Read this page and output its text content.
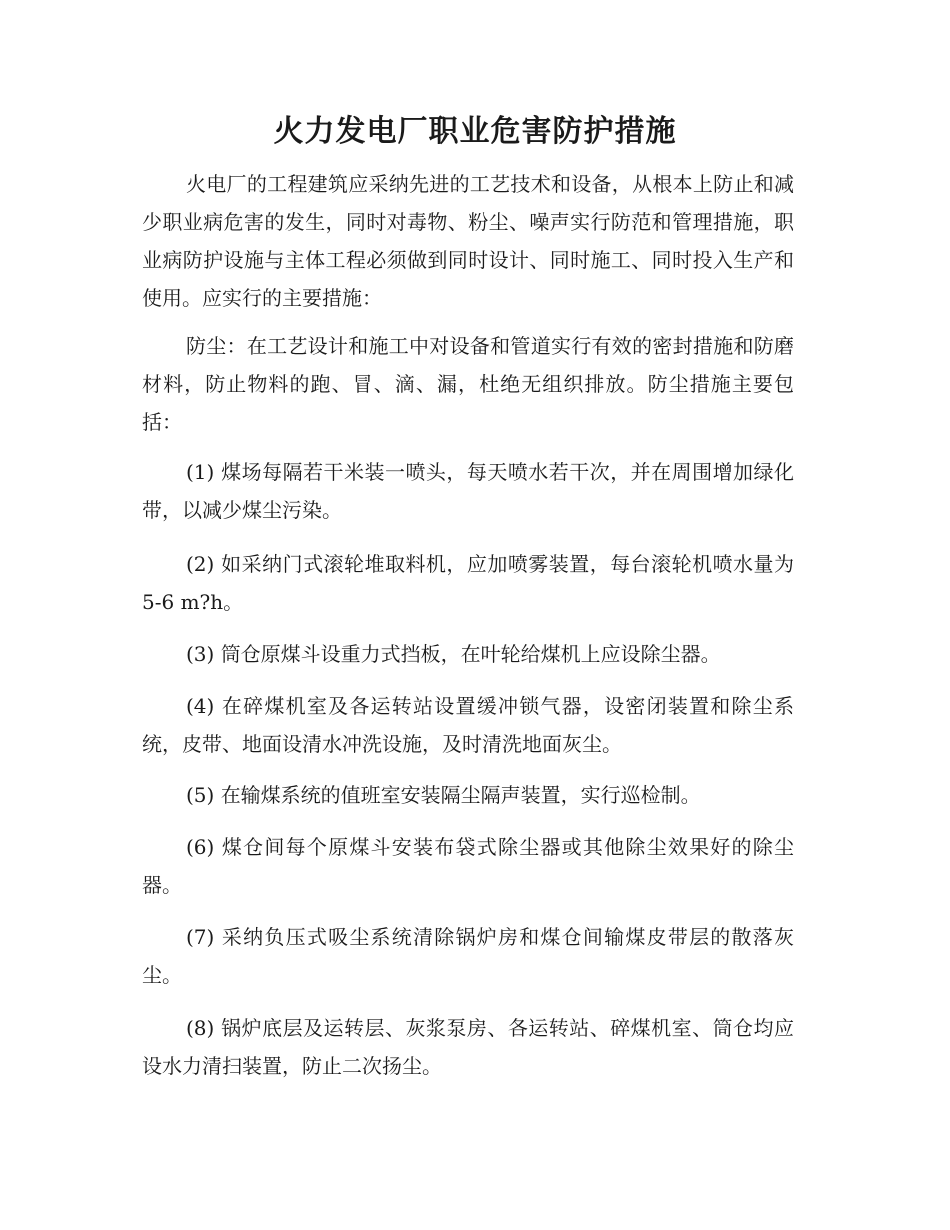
火力发电厂职业危害防护措施

火电厂的工程建筑应采纳先进的工艺技术和设备，从根本上防止和减少职业病危害的发生，同时对毒物、粉尘、噪声实行防范和管理措施，职业病防护设施与主体工程必须做到同时设计、同时施工、同时投入生产和使用。应实行的主要措施：

防尘：在工艺设计和施工中对设备和管道实行有效的密封措施和防磨材料，防止物料的跑、冒、滴、漏，杜绝无组织排放。防尘措施主要包括：

(1) 煤场每隔若干米装一喷头，每天喷水若干次，并在周围增加绿化带，以减少煤尘污染。

(2) 如采纳门式滚轮堆取料机，应加喷雾装置，每台滚轮机喷水量为5-6 m?h。

(3) 筒仓原煤斗设重力式挡板，在叶轮给煤机上应设除尘器。

(4) 在碎煤机室及各运转站设置缓冲锁气器，设密闭装置和除尘系统，皮带、地面设清水冲洗设施，及时清洗地面灰尘。

(5) 在输煤系统的值班室安装隔尘隔声装置，实行巡检制。

(6) 煤仓间每个原煤斗安装布袋式除尘器或其他除尘效果好的除尘器。

(7) 采纳负压式吸尘系统清除锅炉房和煤仓间输煤皮带层的散落灰尘。

(8) 锅炉底层及运转层、灰浆泵房、各运转站、碎煤机室、筒仓均应设水力清扫装置，防止二次扬尘。
